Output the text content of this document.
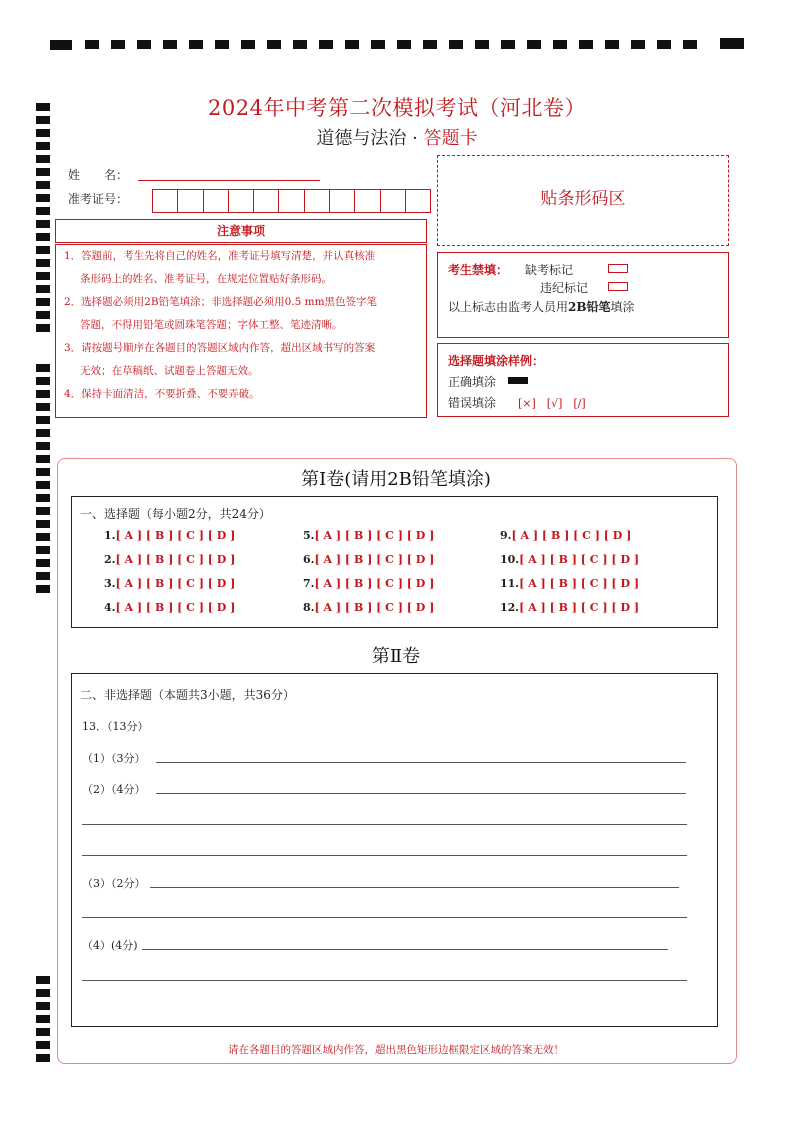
2024年中考第二次模拟考试（河北卷）
道德与法治 · 答题卡
姓　　名：
准考证号：	贴条形码区
注意事项
1．答题前，考生先将自己的姓名，准考证号填写清楚，并认真核准
条形码上的姓名、准考证号，在规定位置贴好条形码。
2．选择题必须用2B铅笔填涂；非选择题必须用0.5 mm黑色签字笔
答题，不得用铅笔或圆珠笔答题；字体工整、笔迹清晰。
3．请按题号顺序在各题目的答题区域内作答，超出区域书写的答案
无效；在草稿纸、试题卷上答题无效。
4．保持卡面清洁，不要折叠、不要弄破。
考生禁填： 缺考标记
违纪标记
以上标志由监考人员用2B铅笔填涂
选择题填涂样例：
正确填涂
错误填涂 [×]　[√]　[/]
第Ⅰ卷(请用2B铅笔填涂)
一、选择题（每小题2分，共24分）
1.[ A ] [ B ] [ C ] [ D ]
2.[ A ] [ B ] [ C ] [ D ]
3.[ A ] [ B ] [ C ] [ D ]
4.[ A ] [ B ] [ C ] [ D ]
5.[ A ] [ B ] [ C ] [ D ]
6.[ A ] [ B ] [ C ] [ D ]
7.[ A ] [ B ] [ C ] [ D ]
8.[ A ] [ B ] [ C ] [ D ]
9.[ A ] [ B ] [ C ] [ D ]
10.[ A ] [ B ] [ C ] [ D ]
11.[ A ] [ B ] [ C ] [ D ]
12.[ A ] [ B ] [ C ] [ D ]
第Ⅱ卷
二、非选择题（本题共3小题，共36分）
13．（13分）
（1）（3分）
（2）（4分）
（3）（2分）
（4）(4分)
请在各题目的答题区域内作答，超出黑色矩形边框限定区域的答案无效！
